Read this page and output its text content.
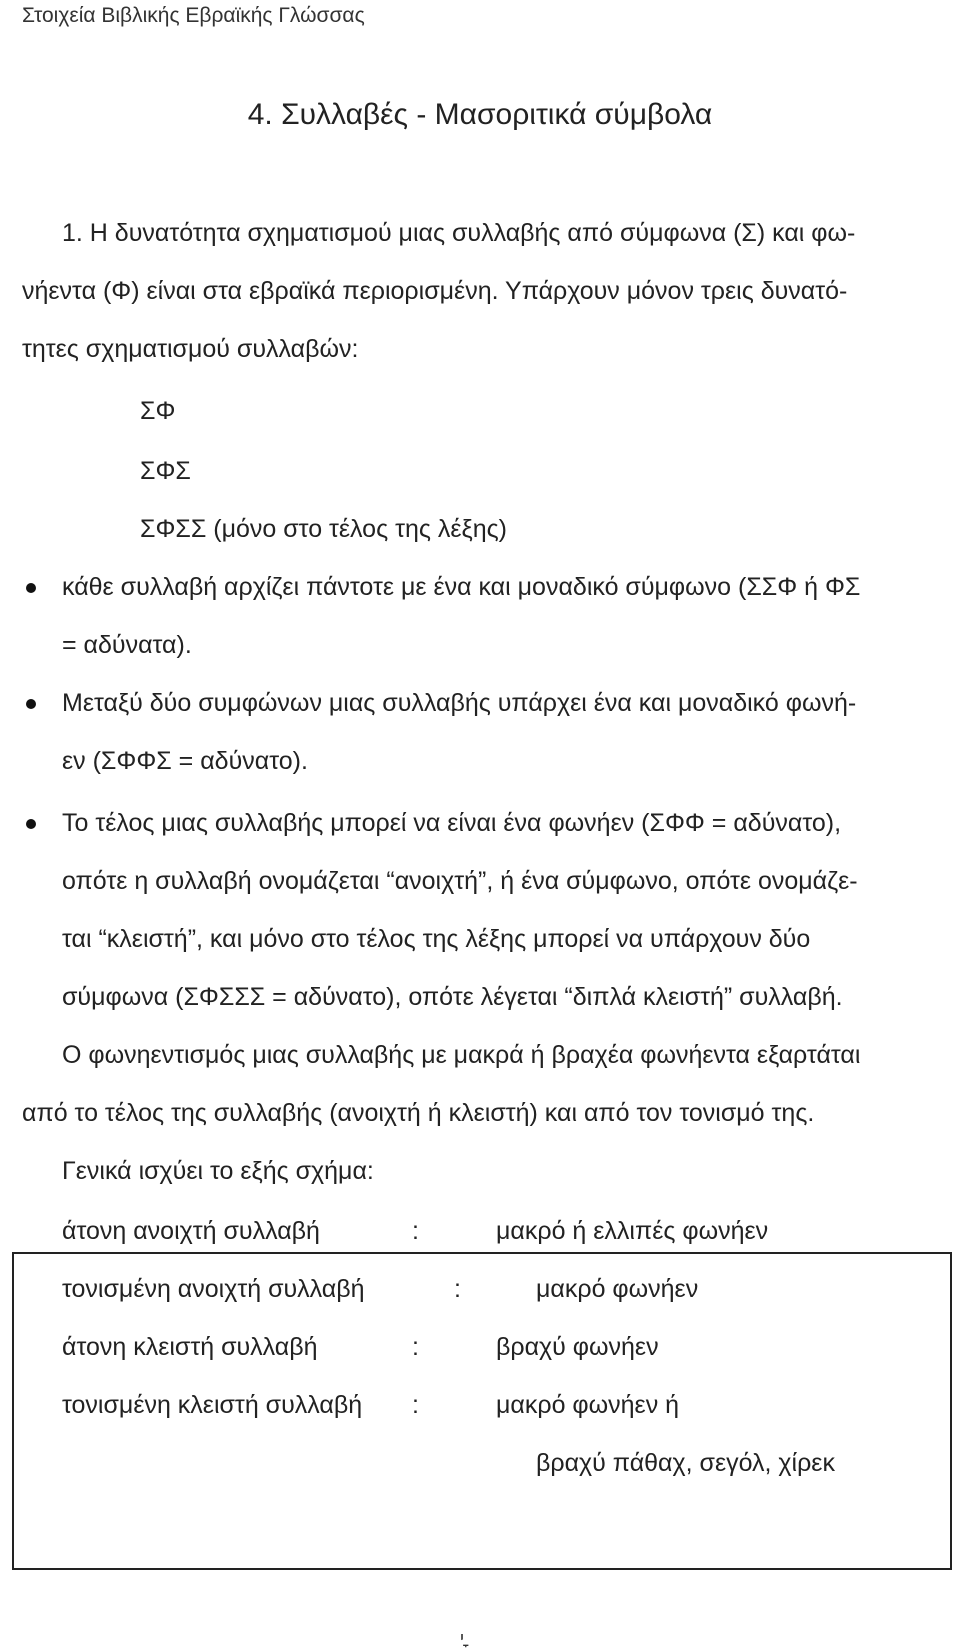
Στοιχεία Βιβλικής Εβραϊκής Γλώσσας
4. Συλλαβές - Μασοριτικά σύμβολα
1. Η δυνατότητα σχηματισμού μιας συλλαβής από σύμφωνα (Σ) και φω-
νήεντα (Φ) είναι στα εβραϊκά περιορισμένη. Υπάρχουν μόνον τρεις δυνατό-
τητες σχηματισμού συλλαβών:
ΣΦ
ΣΦΣ
ΣΦΣΣ (μόνο στο τέλος της λέξης)
κάθε συλλαβή αρχίζει πάντοτε με ένα και μοναδικό σύμφωνο (ΣΣΦ ή ΦΣ
= αδύνατα).
Μεταξύ δύο συμφώνων μιας συλλαβής υπάρχει ένα και μοναδικό φωνή-
εν (ΣΦΦΣ = αδύνατο).
Το τέλος μιας συλλαβής μπορεί να είναι ένα φωνήεν (ΣΦΦ = αδύνατο),
οπότε η συλλαβή ονομάζεται “ανοιχτή”, ή ένα σύμφωνο, οπότε ονομάζε-
ται “κλειστή”, και μόνο στο τέλος της λέξης μπορεί να υπάρχουν δύο
σύμφωνα (ΣΦΣΣΣ = αδύνατο), οπότε λέγεται “διπλά κλειστή” συλλαβή.
Ο φωνηεντισμός μιας συλλαβής με μακρά ή βραχέα φωνήεντα εξαρτάται
από το τέλος της συλλαβής (ανοιχτή ή κλειστή) και από τον τονισμό της.
Γενικά ισχύει το εξής σχήμα:
άτονη ανοιχτή συλλαβή	:	μακρό ή ελλιπές φωνήεν
τονισμένη ανοιχτή συλλαβή	:	μακρό φωνήεν
άτονη κλειστή συλλαβή	:	βραχύ φωνήεν
τονισμένη κλειστή συλλαβή :	μακρό φωνήεν ή
βραχύ πάθαχ, σεγόλ, χίρεκ
ָי
